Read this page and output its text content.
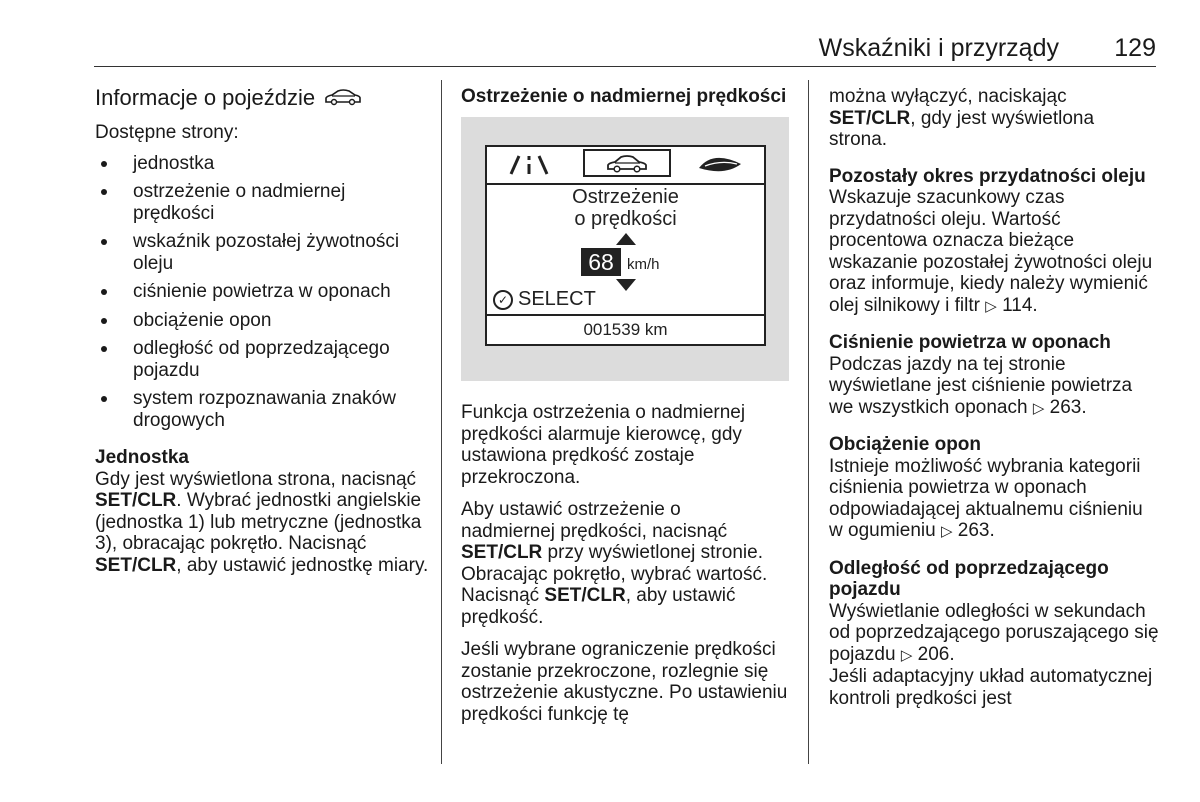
Wskaźniki i przyrządy 129
Informacje o pojeździe

Dostępne strony:

jednostka
ostrzeżenie o nadmiernej prędkości
wskaźnik pozostałej żywotności oleju
ciśnienie powietrza w oponach
obciążenie opon
odległość od poprzedzającego pojazdu
system rozpoznawania znaków drogowych
Jednostka

Gdy jest wyświetlona strona, nacisnąć SET/CLR. Wybrać jednostki angielskie (jednostka 1) lub metryczne (jednostka 3), obracając pokrętło. Nacisnąć SET/CLR, aby ustawić jednostkę miary.

Ostrzeżenie o nadmiernej prędkości
Ostrzeżenie
o prędkości
68 km/h
✓ SELECT
001539 km

Funkcja ostrzeżenia o nadmiernej prędkości alarmuje kierowcę, gdy ustawiona prędkość zostaje przekroczona.

Aby ustawić ostrzeżenie o nadmiernej prędkości, nacisnąć SET/CLR przy wyświetlonej stronie. Obracając pokrętło, wybrać wartość. Nacisnąć SET/CLR, aby ustawić prędkość.

Jeśli wybrane ograniczenie prędkości zostanie przekroczone, rozlegnie się ostrzeżenie akustyczne. Po ustawieniu prędkości funkcję tę

można wyłączyć, naciskając SET/CLR, gdy jest wyświetlona strona.

Pozostały okres przydatności oleju

Wskazuje szacunkowy czas przydatności oleju. Wartość procentowa oznacza bieżące wskazanie pozostałej żywotności oleju oraz informuje, kiedy należy wymienić olej silnikowy i filtr ▷ 114.

Ciśnienie powietrza w oponach

Podczas jazdy na tej stronie wyświetlane jest ciśnienie powietrza we wszystkich oponach ▷ 263.

Obciążenie opon

Istnieje możliwość wybrania kategorii ciśnienia powietrza w oponach odpowiadającej aktualnemu ciśnieniu w ogumieniu ▷ 263.

Odległość od poprzedzającego pojazdu

Wyświetlanie odległości w sekundach od poprzedzającego poruszającego się pojazdu ▷ 206.

Jeśli adaptacyjny układ automatycznej kontroli prędkości jest
